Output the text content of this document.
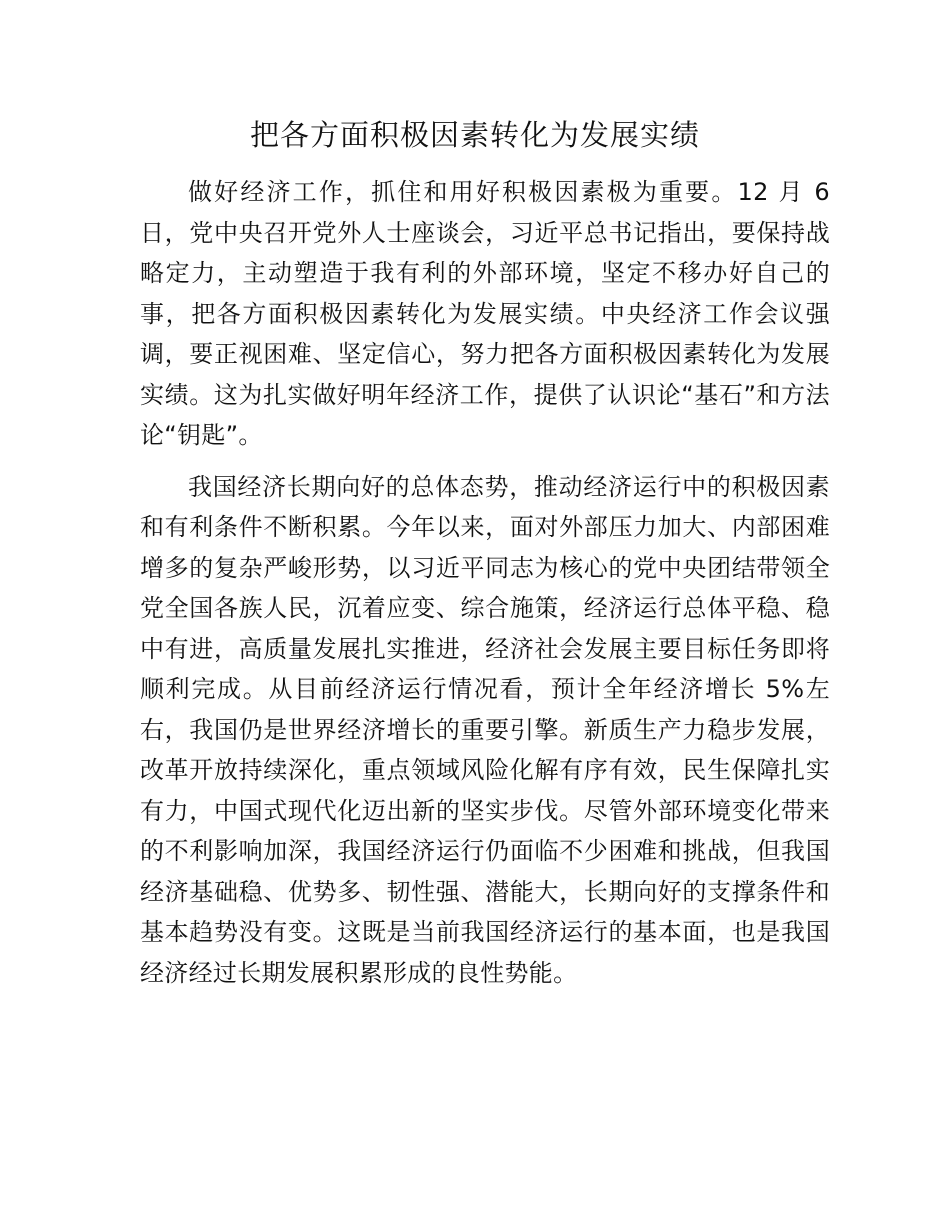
把各方面积极因素转化为发展实绩

做好经济工作，抓住和用好积极因素极为重要。12 月 6 日，党中央召开党外人士座谈会，习近平总书记指出，要保持战略定力，主动塑造于我有利的外部环境，坚定不移办好自己的事，把各方面积极因素转化为发展实绩。中央经济工作会议强调，要正视困难、坚定信心，努力把各方面积极因素转化为发展实绩。这为扎实做好明年经济工作，提供了认识论“基石”和方法论“钥匙”。

我国经济长期向好的总体态势，推动经济运行中的积极因素和有利条件不断积累。今年以来，面对外部压力加大、内部困难增多的复杂严峻形势，以习近平同志为核心的党中央团结带领全党全国各族人民，沉着应变、综合施策，经济运行总体平稳、稳中有进，高质量发展扎实推进，经济社会发展主要目标任务即将顺利完成。从目前经济运行情况看，预计全年经济增长 5%左右，我国仍是世界经济增长的重要引擎。新质生产力稳步发展，改革开放持续深化，重点领域风险化解有序有效，民生保障扎实有力，中国式现代化迈出新的坚实步伐。尽管外部环境变化带来的不利影响加深，我国经济运行仍面临不少困难和挑战，但我国经济基础稳、优势多、韧性强、潜能大，长期向好的支撑条件和基本趋势没有变。这既是当前我国经济运行的基本面，也是我国经济经过长期发展积累形成的良性势能。
